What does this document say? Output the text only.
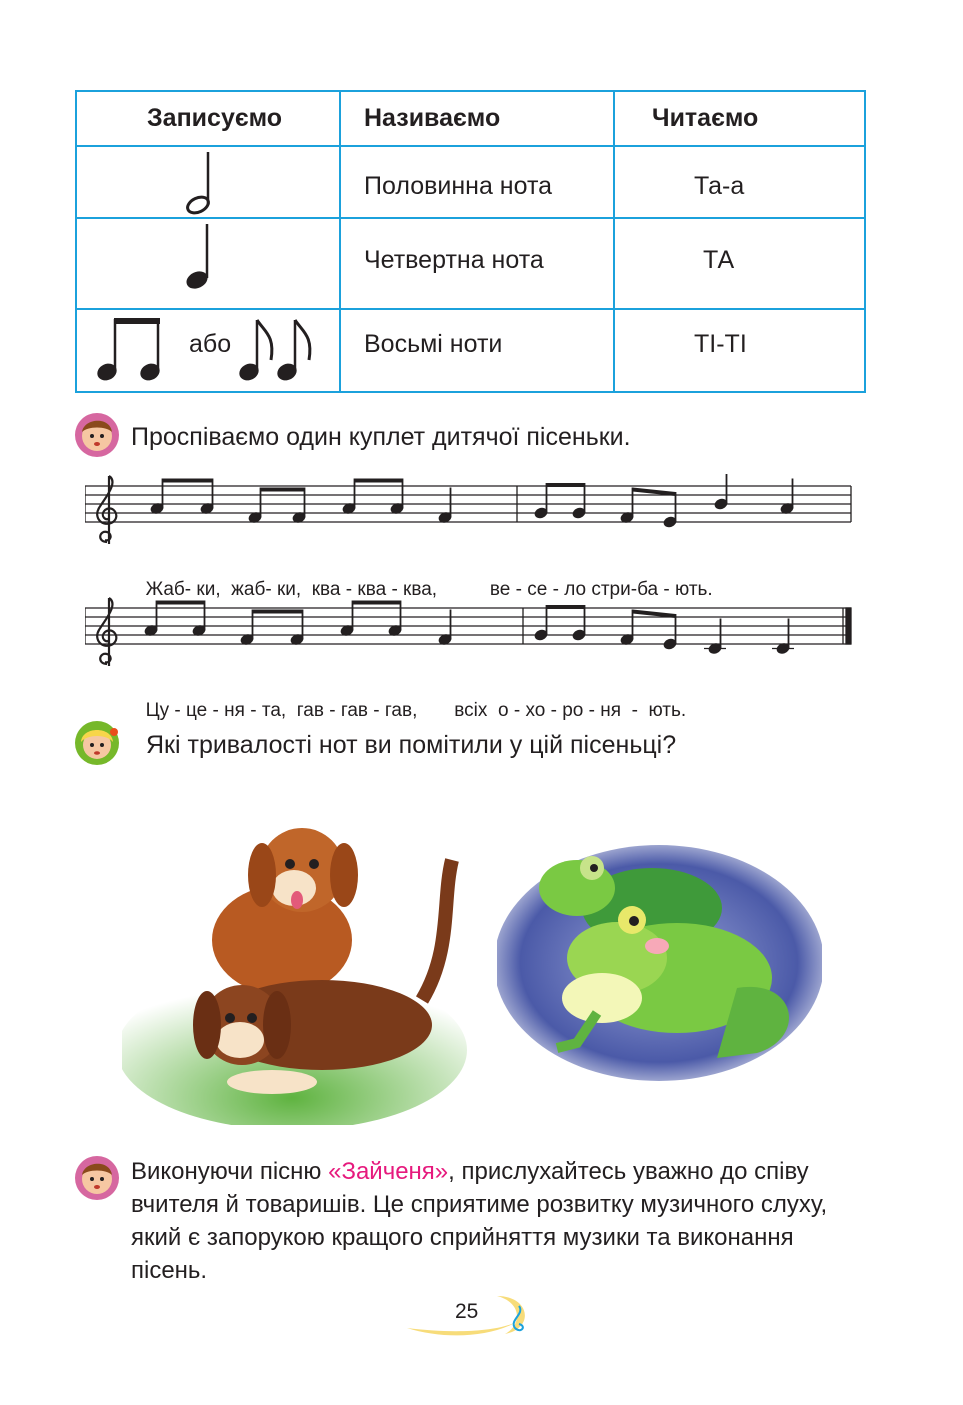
Записуємо	Називаємо	Читаємо
Половинна нота	Та-а
Четвертна нота	ТА
або	Восьмі ноти	ТІ-ТІ
Проспіваємо один куплет дитячої пісеньки.

Жаб- ки, жаб- ки, ква - ква - ква,	ве - се - ло стри-ба - ють.

Цу - це - ня - та, гав - гав - гав, всіх о - хо - ро - ня - ють.

Які тривалості нот ви помітили у цій пісеньці?
Виконуючи пісню «Зайченя», прислухайтесь уважно до співу вчителя й товаришів. Це сприятиме розвитку музичного слуху, який є запорукою кращого сприйняття музики та виконання пісень.
25
